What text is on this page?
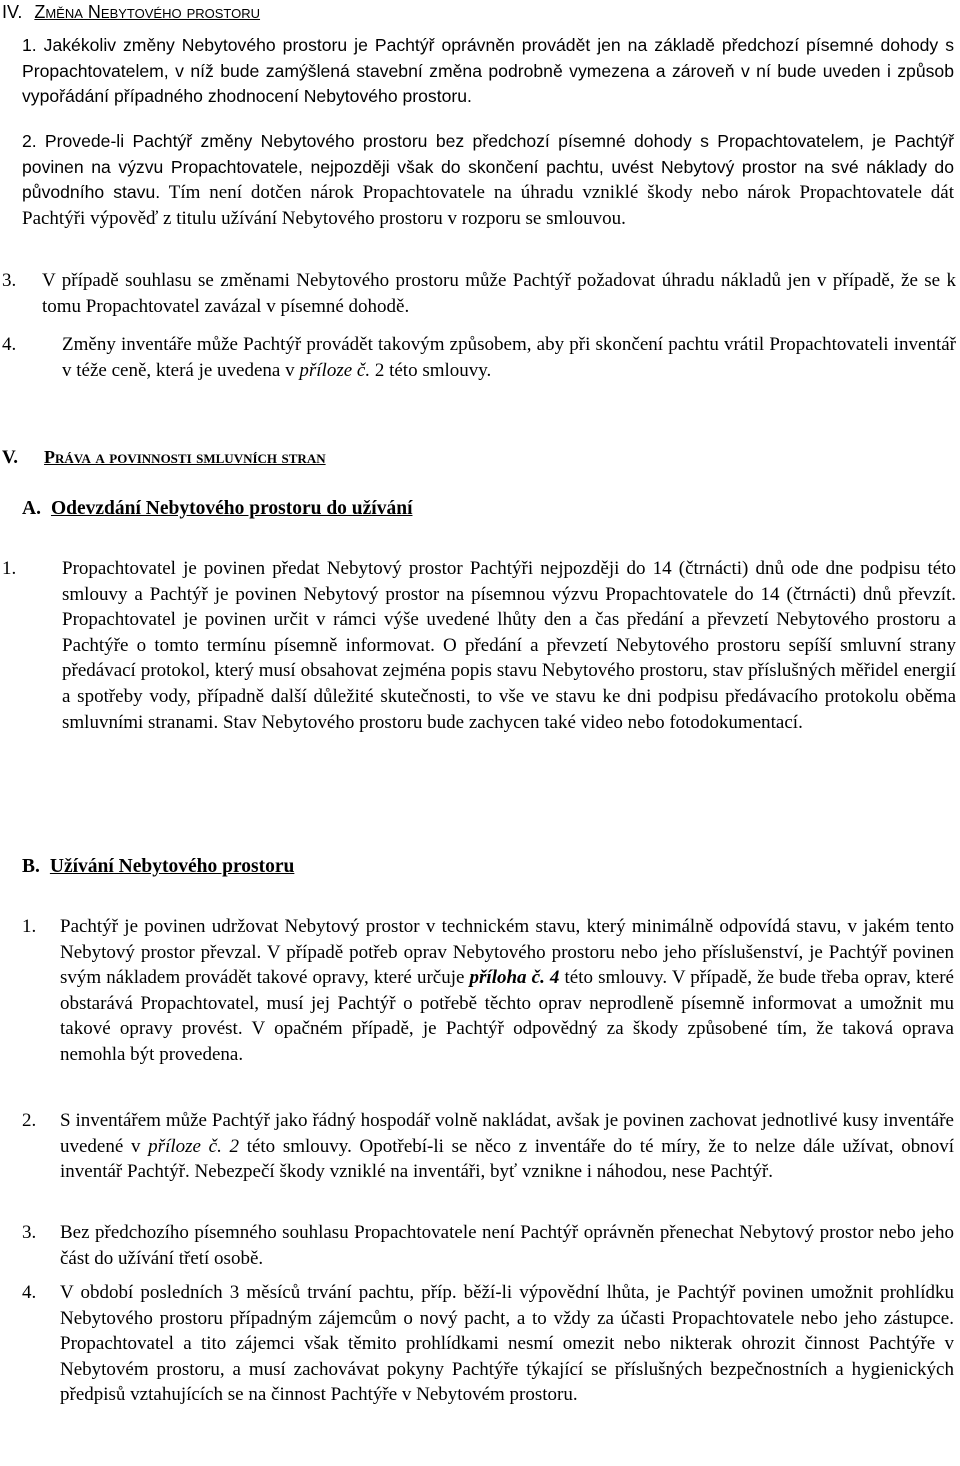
IV. Změna Nebytového prostoru
1. Jakékoliv změny Nebytového prostoru je Pachtýř oprávněn provádět jen na základě předchozí písemné dohody s Propachtovatelem, v níž bude zamýšlená stavební změna podrobně vymezena a zároveň v ní bude uveden i způsob vypořádání případného zhodnocení Nebytového prostoru.
2. Provede-li Pachtýř změny Nebytového prostoru bez předchozí písemné dohody s Propachtovatelem, je Pachtýř povinen na výzvu Propachtovatele, nejpozději však do skončení pachtu, uvést Nebytový prostor na své náklady do původního stavu. Tím není dotčen nárok Propachtovatele na úhradu vzniklé škody nebo nárok Propachtovatele dát Pachtýři výpověď z titulu užívání Nebytového prostoru v rozporu se smlouvou.
3. V případě souhlasu se změnami Nebytového prostoru může Pachtýř požadovat úhradu nákladů jen v případě, že se k tomu Propachtovatel zavázal v písemné dohodě.
4. Změny inventáře může Pachtýř provádět takovým způsobem, aby při skončení pachtu vrátil Propachtovateli inventář v téže ceně, která je uvedena v příloze č. 2 této smlouvy.
V. Práva a povinnosti smluvních stran
A. Odevzdání Nebytového prostoru do užívání
1. Propachtovatel je povinen předat Nebytový prostor Pachtýři nejpozději do 14 (čtrnácti) dnů ode dne podpisu této smlouvy a Pachtýř je povinen Nebytový prostor na písemnou výzvu Propachtovatele do 14 (čtrnácti) dnů převzít. Propachtovatel je povinen určit v rámci výše uvedené lhůty den a čas předání a převzetí Nebytového prostoru a Pachtýře o tomto termínu písemně informovat. O předání a převzetí Nebytového prostoru sepíší smluvní strany předávací protokol, který musí obsahovat zejména popis stavu Nebytového prostoru, stav příslušných měřidel energií a spotřeby vody, případně další důležité skutečnosti, to vše ve stavu ke dni podpisu předávacího protokolu oběma smluvními stranami. Stav Nebytového prostoru bude zachycen také video nebo fotodokumentací.
B. Užívání Nebytového prostoru
1. Pachtýř je povinen udržovat Nebytový prostor v technickém stavu, který minimálně odpovídá stavu, v jakém tento Nebytový prostor převzal. V případě potřeb oprav Nebytového prostoru nebo jeho příslušenství, je Pachtýř povinen svým nákladem provádět takové opravy, které určuje příloha č. 4 této smlouvy. V případě, že bude třeba oprav, které obstarává Propachtovatel, musí jej Pachtýř o potřebě těchto oprav neprodleně písemně informovat a umožnit mu takové opravy provést. V opačném případě, je Pachtýř odpovědný za škody způsobené tím, že taková oprava nemohla být provedena.
2. S inventářem může Pachtýř jako řádný hospodář volně nakládat, avšak je povinen zachovat jednotlivé kusy inventáře uvedené v příloze č. 2 této smlouvy. Opotřebí-li se něco z inventáře do té míry, že to nelze dále užívat, obnoví inventář Pachtýř. Nebezpečí škody vzniklé na inventáři, byť vznikne i náhodou, nese Pachtýř.
3. Bez předchozího písemného souhlasu Propachtovatele není Pachtýř oprávněn přenechat Nebytový prostor nebo jeho část do užívání třetí osobě.
4. V období posledních 3 měsíců trvání pachtu, příp. běží-li výpovědní lhůta, je Pachtýř povinen umožnit prohlídku Nebytového prostoru případným zájemcům o nový pacht, a to vždy za účasti Propachtovatele nebo jeho zástupce. Propachtovatel a tito zájemci však těmito prohlídkami nesmí omezit nebo nikterak ohrozit činnost Pachtýře v Nebytovém prostoru, a musí zachovávat pokyny Pachtýře týkající se příslušných bezpečnostních a hygienických předpisů vztahujících se na činnost Pachtýře v Nebytovém prostoru.
